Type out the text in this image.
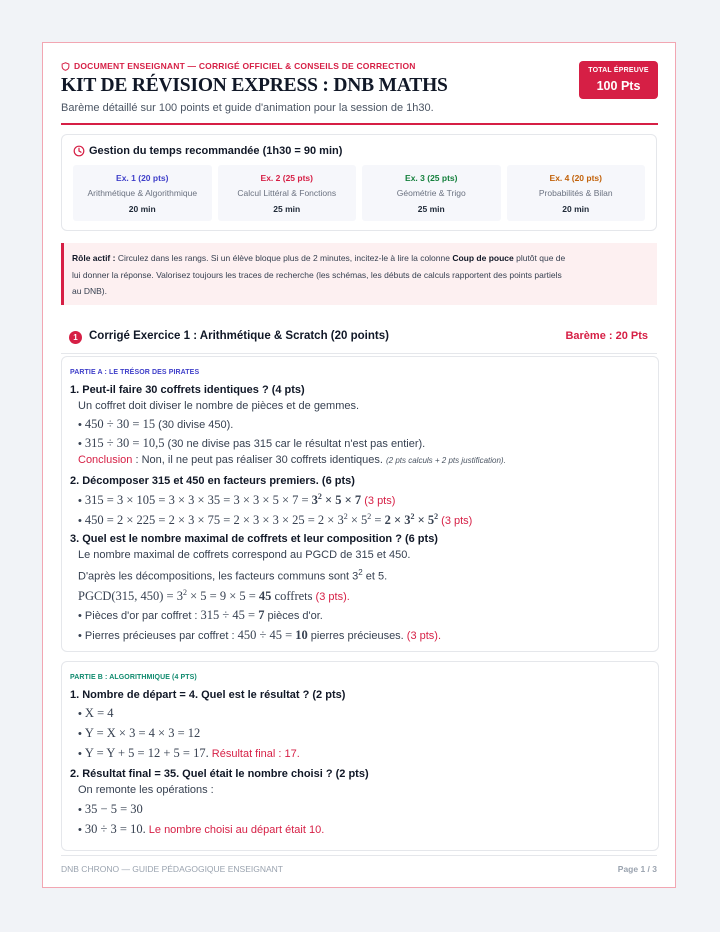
DOCUMENT ENSEIGNANT — CORRIGÉ OFFICIEL & CONSEILS DE CORRECTION
KIT DE RÉVISION EXPRESS : DNB MATHS
Barème détaillé sur 100 points et guide d'animation pour la session de 1h30.
TOTAL ÉPREUVE
100 Pts
Gestion du temps recommandée (1h30 = 90 min)
Ex. 1 (20 pts)
Arithmétique & Algorithmique
20 min
Ex. 2 (25 pts)
Calcul Littéral & Fonctions
25 min
Ex. 3 (25 pts)
Géométrie & Trigo
25 min
Ex. 4 (20 pts)
Probabilités & Bilan
20 min
Rôle actif : Circulez dans les rangs. Si un élève bloque plus de 2 minutes, incitez-le à lire la colonne Coup de pouce plutôt que de
lui donner la réponse. Valorisez toujours les traces de recherche (les schémas, les débuts de calculs rapportent des points partiels
au DNB).
1 Corrigé Exercice 1 : Arithmétique & Scratch (20 points)	Barème : 20 Pts
PARTIE A : LE TRÉSOR DES PIRATES
1. Peut-il faire 30 coffrets identiques ? (4 pts)
Un coffret doit diviser le nombre de pièces et de gemmes.
• 450 ÷ 30 = 15 (30 divise 450).
• 315 ÷ 30 = 10,5 (30 ne divise pas 315 car le résultat n'est pas entier).
Conclusion : Non, il ne peut pas réaliser 30 coffrets identiques. (2 pts calculs + 2 pts justification).
2. Décomposer 315 et 450 en facteurs premiers. (6 pts)
• $315 = 3 \times 105 = 3 \times 3 \times 35 = 3 \times 3 \times 5 \times 7 = 3^2 \times 5 \times 7$ (3 pts)
• $450 = 2 \times 225 = 2 \times 3 \times 75 = 2 \times 3 \times 3 \times 25 = 2 \times 3^2 \times 5^2 = 2 \times 3^2 \times 5^2$ (3 pts)
3. Quel est le nombre maximal de coffrets et leur composition ? (6 pts)
Le nombre maximal de coffrets correspond au PGCD de 315 et 450.
D'après les décompositions, les facteurs communs sont $3^2$ et 5.
PGCD(315, $450) = 3^2 \times 5 = 9 \times 5 = 45$ coffrets (3 pts).
• Pièces d'or par coffret : 315 ÷ 45 = 7 pièces d'or.
• Pierres précieuses par coffret : 450 ÷ 45 = 10 pierres précieuses. (3 pts).
PARTIE B : ALGORITHMIQUE (4 PTS)
1. Nombre de départ = 4. Quel est le résultat ? (2 pts)
• X = 4
• Y = X × 3 = 4 × 3 = 12
• Y = Y + 5 = 12 + 5 = 17. Résultat final : 17.
2. Résultat final = 35. Quel était le nombre choisi ? (2 pts)
On remonte les opérations :
• 35 − 5 = 30
• 30 ÷ 3 = 10. Le nombre choisi au départ était 10.
DNB CHRONO — GUIDE PÉDAGOGIQUE ENSEIGNANT	Page 1 / 3
